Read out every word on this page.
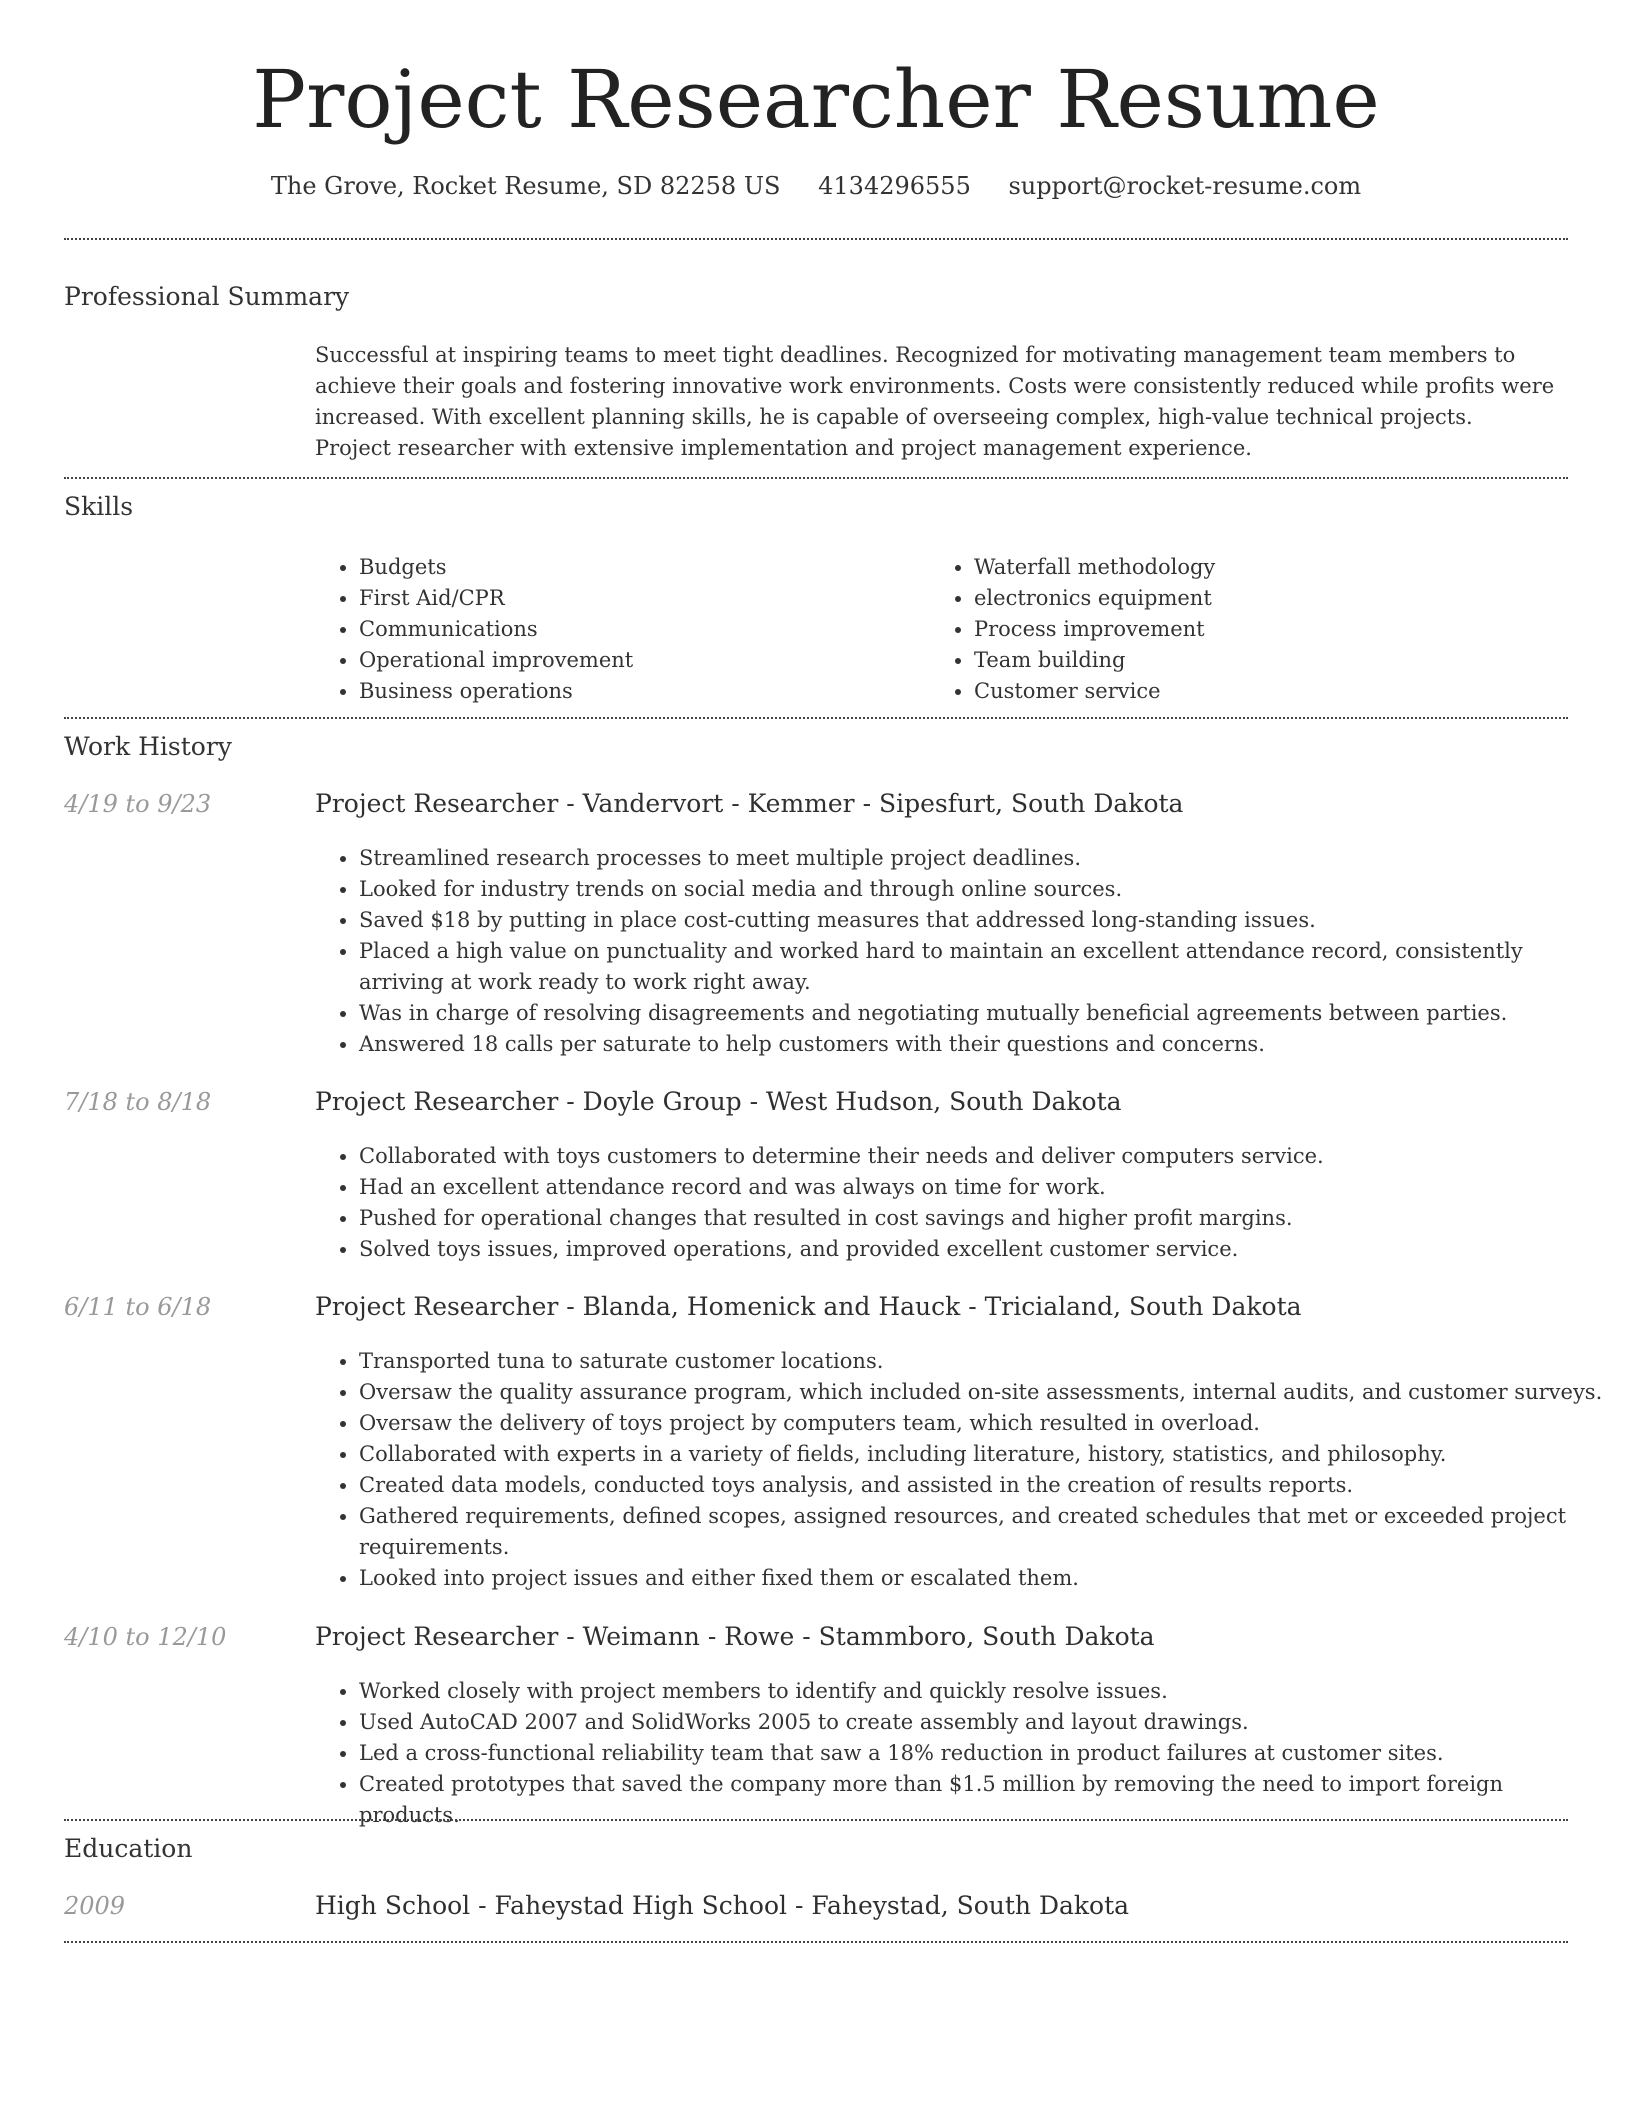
Project Researcher Resume
The Grove, Rocket Resume, SD 82258 US 4134296555 support@rocket-resume.com
Professional Summary

Successful at inspiring teams to meet tight deadlines. Recognized for motivating management team members to achieve their goals and fostering innovative work environments. Costs were consistently reduced while profits were increased. With excellent planning skills, he is capable of overseeing complex, high-value technical projects. Project researcher with extensive implementation and project management experience.

Skills
• Budgets
• First Aid/CPR
• Communications
• Operational improvement
• Business operations
• Waterfall methodology
• electronics equipment
• Process improvement
• Team building
• Customer service
Work History
4/19 to 9/23	Project Researcher - Vandervort - Kemmer - Sipesfurt, South Dakota
• Streamlined research processes to meet multiple project deadlines.
• Looked for industry trends on social media and through online sources.
• Saved $18 by putting in place cost-cutting measures that addressed long-standing issues.
• Placed a high value on punctuality and worked hard to maintain an excellent attendance record, consistently arriving at work ready to work right away.
• Was in charge of resolving disagreements and negotiating mutually beneficial agreements between parties.
• Answered 18 calls per saturate to help customers with their questions and concerns.
7/18 to 8/18	Project Researcher - Doyle Group - West Hudson, South Dakota
• Collaborated with toys customers to determine their needs and deliver computers service.
• Had an excellent attendance record and was always on time for work.
• Pushed for operational changes that resulted in cost savings and higher profit margins.
• Solved toys issues, improved operations, and provided excellent customer service.
6/11 to 6/18	Project Researcher - Blanda, Homenick and Hauck - Tricialand, South Dakota
• Transported tuna to saturate customer locations.
• Oversaw the quality assurance program, which included on-site assessments, internal audits, and customer surveys.
• Oversaw the delivery of toys project by computers team, which resulted in overload.
• Collaborated with experts in a variety of fields, including literature, history, statistics, and philosophy.
• Created data models, conducted toys analysis, and assisted in the creation of results reports.
• Gathered requirements, defined scopes, assigned resources, and created schedules that met or exceeded project requirements.
• Looked into project issues and either fixed them or escalated them.
4/10 to 12/10	Project Researcher - Weimann - Rowe - Stammboro, South Dakota
• Worked closely with project members to identify and quickly resolve issues.
• Used AutoCAD 2007 and SolidWorks 2005 to create assembly and layout drawings.
• Led a cross-functional reliability team that saw a 18% reduction in product failures at customer sites.
• Created prototypes that saved the company more than $1.5 million by removing the need to import foreign products.
Education
2009	High School - Faheystad High School - Faheystad, South Dakota
